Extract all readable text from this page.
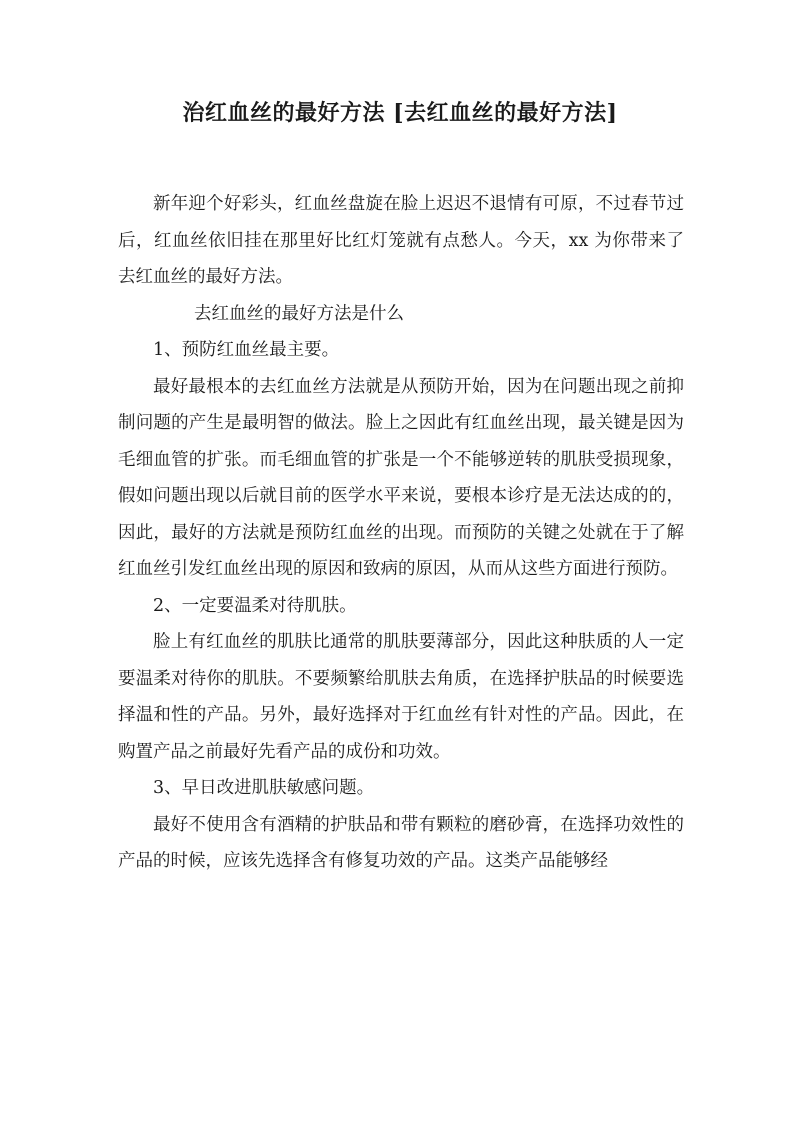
治红血丝的最好方法 [去红血丝的最好方法]

新年迎个好彩头，红血丝盘旋在脸上迟迟不退情有可原，不过春节过后，红血丝依旧挂在那里好比红灯笼就有点愁人。今天，xx 为你带来了去红血丝的最好方法。

去红血丝的最好方法是什么

1、预防红血丝最主要。

最好最根本的去红血丝方法就是从预防开始，因为在问题出现之前抑制问题的产生是最明智的做法。脸上之因此有红血丝出现，最关键是因为毛细血管的扩张。而毛细血管的扩张是一个不能够逆转的肌肤受损现象，假如问题出现以后就目前的医学水平来说，要根本诊疗是无法达成的的，因此，最好的方法就是预防红血丝的出现。而预防的关键之处就在于了解红血丝引发红血丝出现的原因和致病的原因，从而从这些方面进行预防。

2、一定要温柔对待肌肤。

脸上有红血丝的肌肤比通常的肌肤要薄部分，因此这种肤质的人一定要温柔对待你的肌肤。不要频繁给肌肤去角质，在选择护肤品的时候要选择温和性的产品。另外，最好选择对于红血丝有针对性的产品。因此，在购置产品之前最好先看产品的成份和功效。

3、早日改进肌肤敏感问题。

最好不使用含有酒精的护肤品和带有颗粒的磨砂膏，在选择功效性的产品的时候，应该先选择含有修复功效的产品。这类产品能够经
